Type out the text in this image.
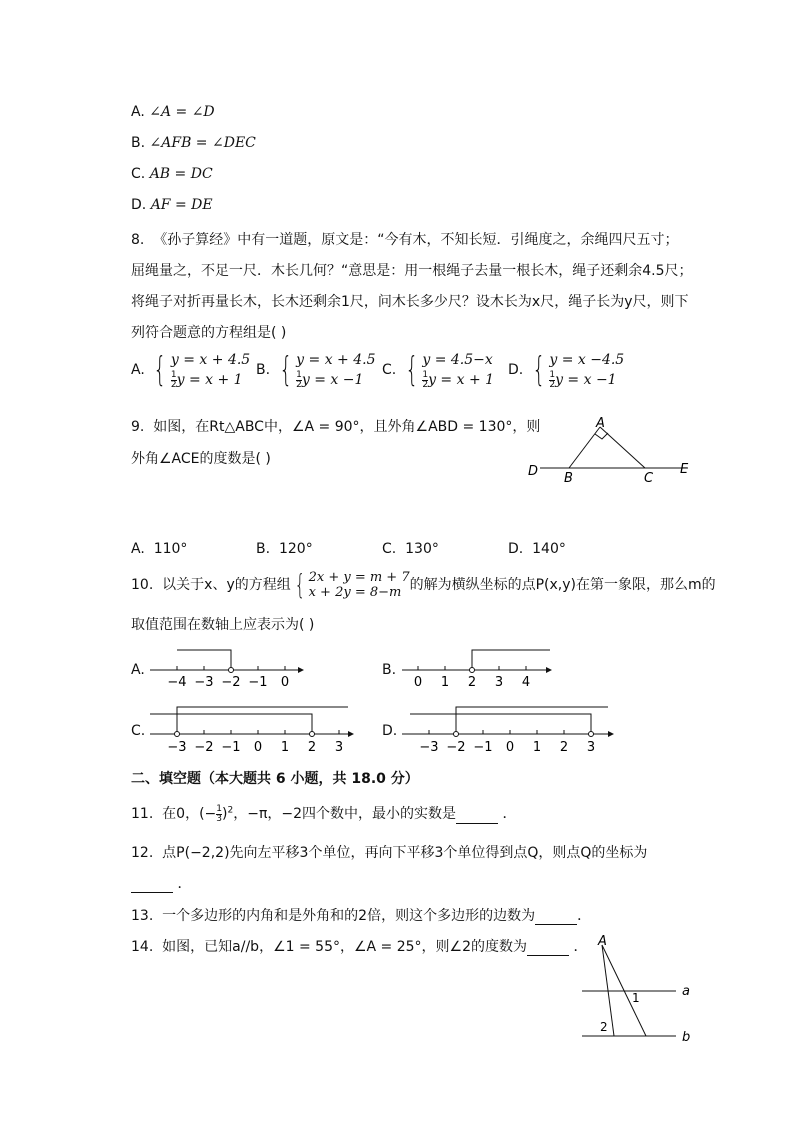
A. ∠A = ∠D
B. ∠AFB = ∠DEC
C. AB = DC
D. AF = DE
8. 《孙子算经》中有一道题，原文是：“今有木，不知长短．引绳度之，余绳四尺五寸；
屈绳量之，不足一尺．木长几何？“意思是：用一根绳子去量一根长木，绳子还剩余4.5尺；
将绳子对折再量长木，长木还剩余1尺，问木长多少尺？设木长为x尺，绳子长为y尺，则下
列符合题意的方程组是( )
A. { y = x + 4.5
$\frac{1}{2}$ y = x + 1
B. { y = x + 4.5
$\frac{1}{2}$ y = x −1
C. { y = 4.5−x
$\frac{1}{2}$ y = x + 1
D. { y = x −4.5
$\frac{1}{2}$ y = x −1
9. 如图，在Rt△ABC中，∠A = 90°，且外角∠ABD = 130°，则
外角∠ACE的度数是( )
A
B	C
D	E
A. 110°	B. 120°	C. 130°	D. 140°
10. 以关于x、y的方程组 { 2x + y = m + 7
x + 2y = 8−m 的解为横纵坐标的点P(x,y)在第一象限，那么m的
取值范围在数轴上应表示为( )
A.
−4 −3 −2 −1 0
B.
0 1 2 3 4
C.
−3 −2 −1 0 1 2 3
D.
−3 −2 −1 0 1 2 3
二、填空题（本大题共 6 小题，共 18.0 分）
11. 在0，(− $\frac{1}{3} )^2$，−π，−2四个数中，最小的实数是	．
12. 点P(−2,2)先向左平移3个单位，再向下平移3个单位得到点Q，则点Q的坐标为
．
13. 一个多边形的内角和是外角和的2倍，则这个多边形的边数为	．
14. 如图，已知a//b，∠1 = 55°，∠A = 25°，则∠2的度数为	． A
1
2
a
b
